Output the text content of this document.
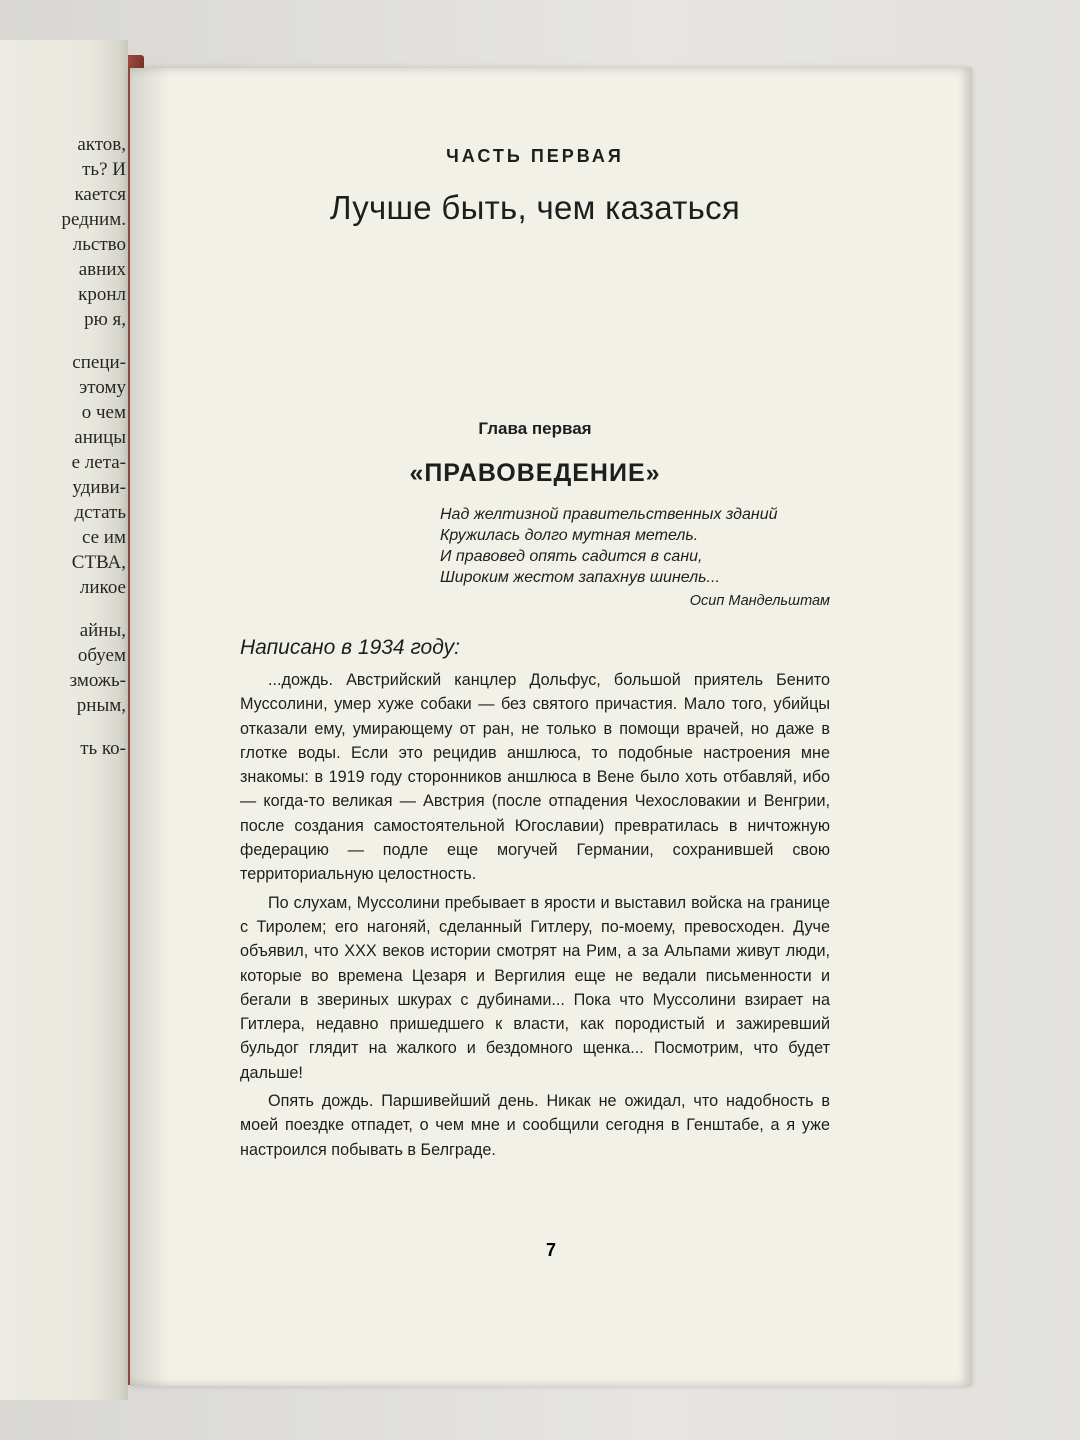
актов,
ть? И
кается
редним.
льство
авних
кронл
рю я,
специ-
этому
о чем
аницы
е лета-
удиви-
дстать
се им
СТВА,
ликое
айны,
обуем
зможь-
рным,
ть ко-
ЧАСТЬ ПЕРВАЯ
Лучше быть, чем казаться
Глава первая
«ПРАВОВЕДЕНИЕ»
Над желтизной правительственных зданий
Кружилась долго мутная метель.
И правовед опять садится в сани,
Широким жестом запахнув шинель...
Осип Мандельштам
Написано в 1934 году:

...дождь. Австрийский канцлер Дольфус, большой приятель Бенито Муссолини, умер хуже собаки — без святого причастия. Мало того, убийцы отказали ему, умирающему от ран, не только в помощи врачей, но даже в глотке воды. Если это рецидив аншлюса, то подобные настроения мне знакомы: в 1919 году сторонников аншлюса в Вене было хоть отбавляй, ибо — когда-то великая — Австрия (после отпадения Чехословакии и Венгрии, после создания самостоятельной Югославии) превратилась в ничтожную федерацию — подле еще могучей Германии, сохранившей свою территориальную целостность.

По слухам, Муссолини пребывает в ярости и выставил войска на границе с Тиролем; его нагоняй, сделанный Гитлеру, по-моему, превосходен. Дуче объявил, что XXX веков истории смотрят на Рим, а за Альпами живут люди, которые во времена Цезаря и Вергилия еще не ведали письменности и бегали в звериных шкурах с дубинами... Пока что Муссолини взирает на Гитлера, недавно пришедшего к власти, как породистый и зажиревший бульдог глядит на жалкого и бездомного щенка... Посмотрим, что будет дальше!

Опять дождь. Паршивейший день. Никак не ожидал, что надобность в моей поездке отпадет, о чем мне и сообщили сегодня в Генштабе, а я уже настроился побывать в Белграде.

7
